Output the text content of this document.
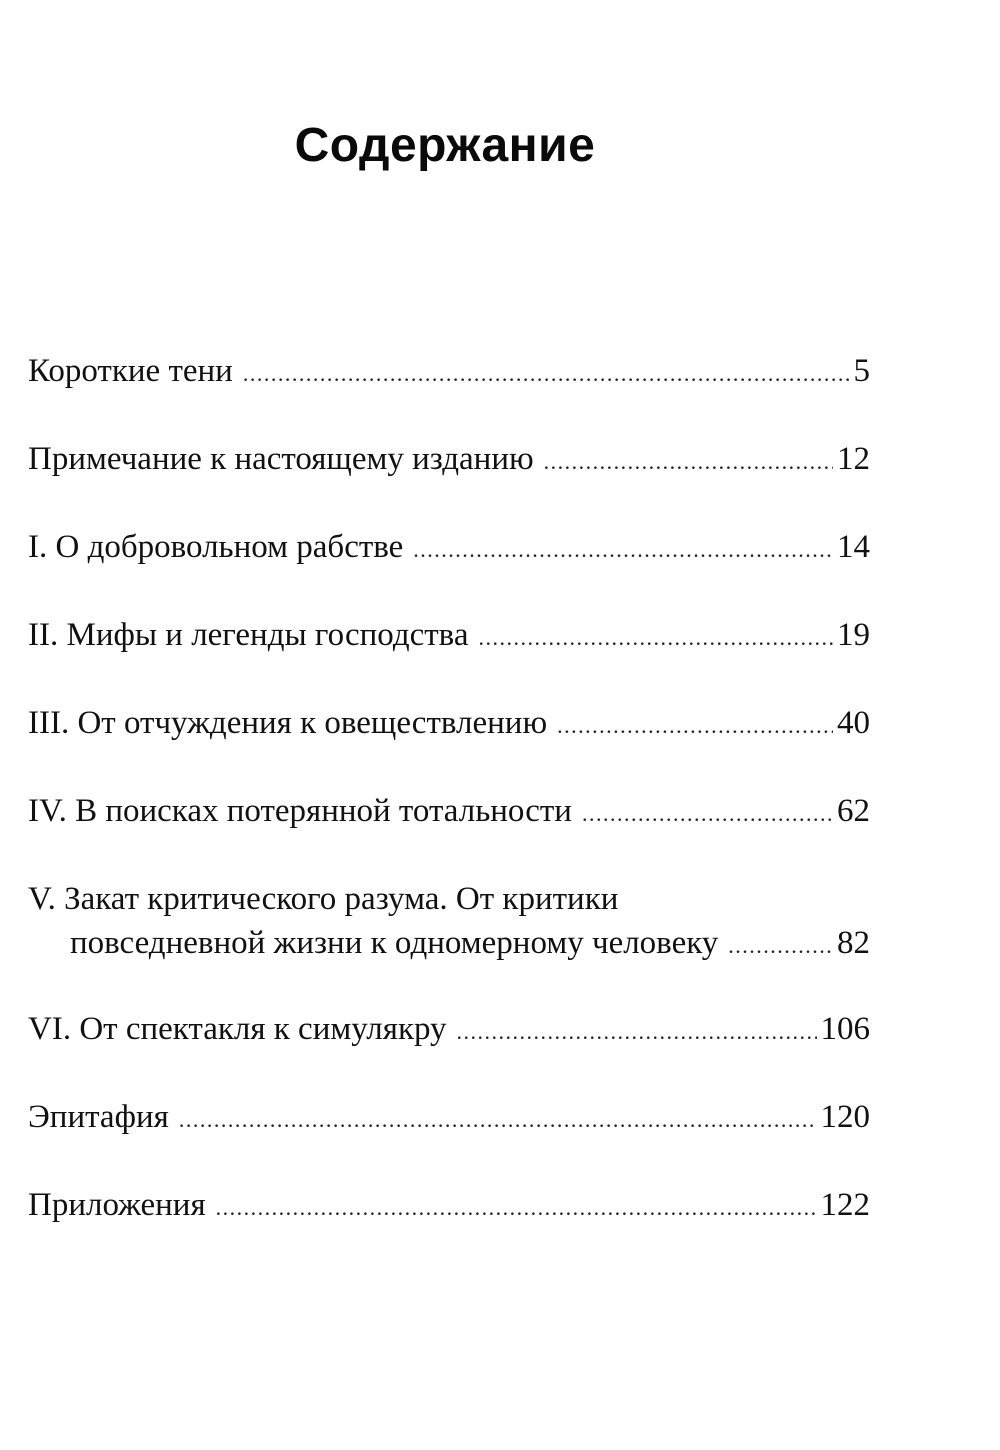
Содержание
Короткие тени . . .	5
Примечание к настоящему изданию . . .	12
I. О добровольном рабстве . . .	14
II. Мифы и легенды господства . . .	19
III. От отчуждения к овеществлению . . .	40
IV. В поисках потерянной тотальности . . .	62
V. Закат критического разума. От критики
повседневной жизни к одномерному человеку . . .	82
VI. От спектакля к симулякру . . .	106
Эпитафия . . .	120
Приложения . . .	122
